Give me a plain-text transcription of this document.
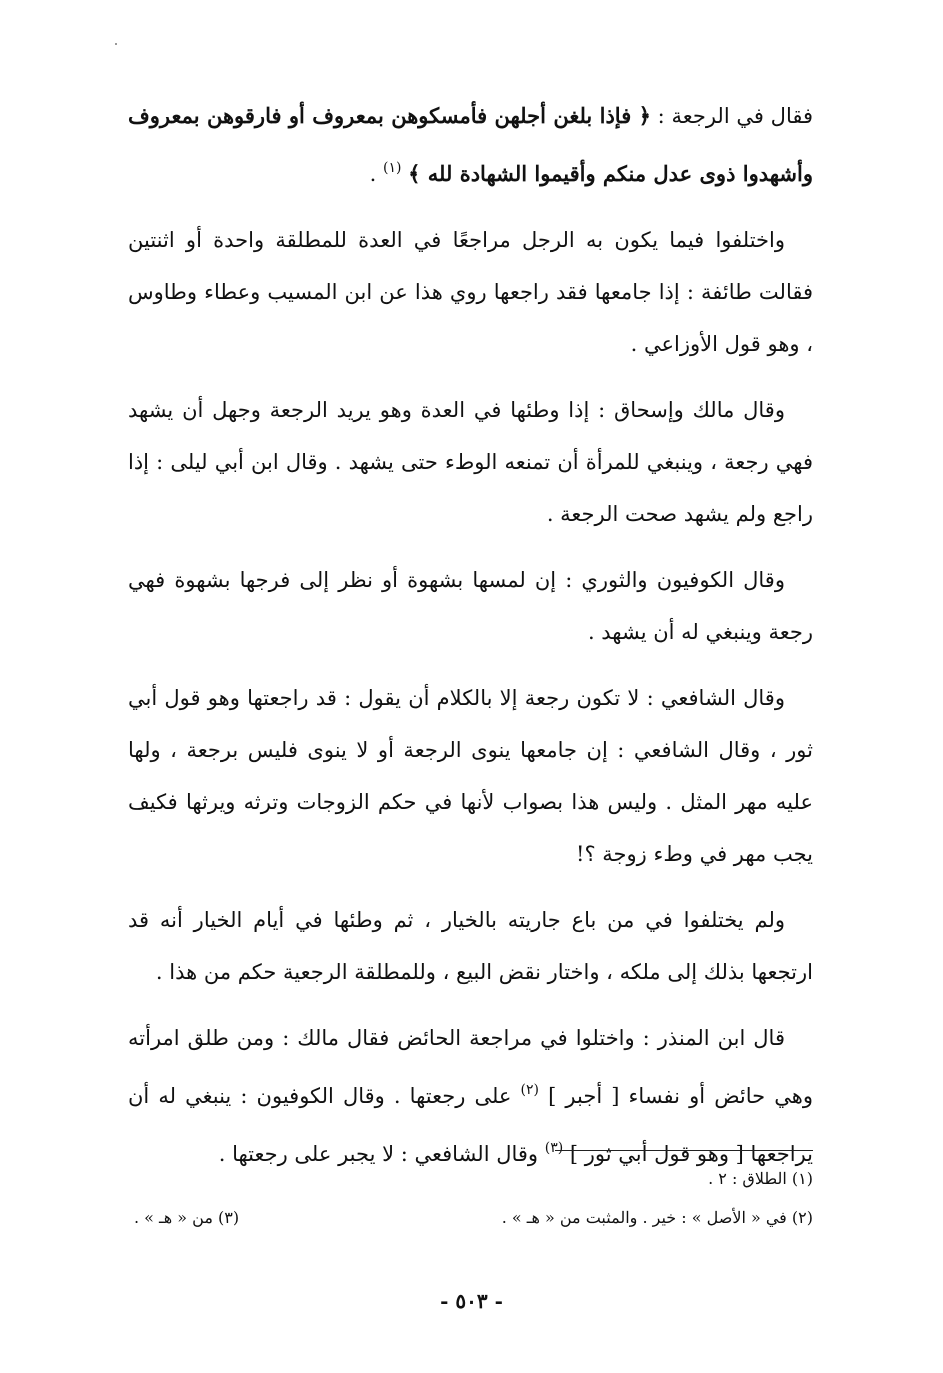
فقال في الرجعة : ﴿ فإذا بلغن أجلهن فأمسكوهن بمعروف أو فارقوهن بمعروف وأشهدوا ذوى عدل منكم وأقيموا الشهادة لله ﴾ $^{(١)}$ .

واختلفوا فيما يكون به الرجل مراجعًا في العدة للمطلقة واحدة أو اثنتين فقالت طائفة : إذا جامعها فقد راجعها روي هذا عن ابن المسيب وعطاء وطاوس ، وهو قول الأوزاعي .

وقال مالك وإسحاق : إذا وطئها في العدة وهو يريد الرجعة وجهل أن يشهد فهي رجعة ، وينبغي للمرأة أن تمنعه الوطء حتى يشهد . وقال ابن أبي ليلى : إذا راجع ولم يشهد صحت الرجعة .

وقال الكوفيون والثوري : إن لمسها بشهوة أو نظر إلى فرجها بشهوة فهي رجعة وينبغي له أن يشهد .

وقال الشافعي : لا تكون رجعة إلا بالكلام أن يقول : قد راجعتها وهو قول أبي ثور ، وقال الشافعي : إن جامعها ينوى الرجعة أو لا ينوى فليس برجعة ، ولها عليه مهر المثل . وليس هذا بصواب لأنها في حكم الزوجات وترثه ويرثها فكيف يجب مهر في وطء زوجة ؟!

ولم يختلفوا في من باع جاريته بالخيار ، ثم وطئها في أيام الخيار أنه قد ارتجعها بذلك إلى ملكه ، واختار نقض البيع ، وللمطلقة الرجعية حكم من هذا .

قال ابن المنذر : واختلوا في مراجعة الحائض فقال مالك : ومن طلق امرأته وهي حائض أو نفساء [ أجبر ] $^{(٢)}$ على رجعتها . وقال الكوفيون : ينبغي له أن يراجعها [ وهو قول أبي ثور ] $^{(٣)}$ وقال الشافعي : لا يجبر على رجعتها .

(١) الطلاق : ٢ .
(٢) في « الأصل » : خير . والمثبت من « هـ » .
(٣) من « هـ » .
- ٥٠٣ -
